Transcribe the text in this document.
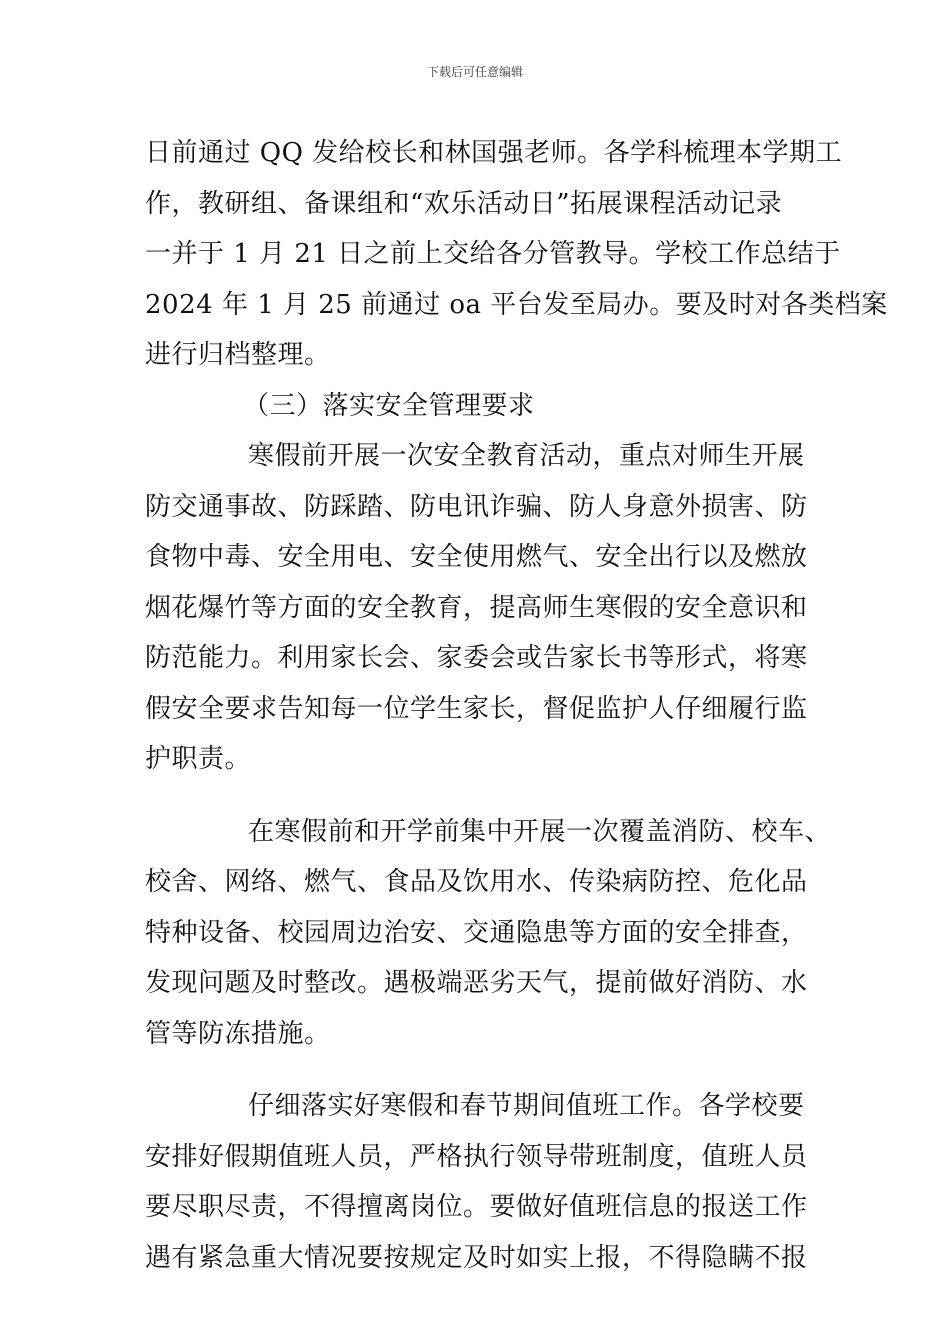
下载后可任意编辑
日前通过 QQ 发给校长和林国强老师。各学科梳理本学期工
作，教研组、备课组和“欢乐活动日”拓展课程活动记录
一并于 1 月 21 日之前上交给各分管教导。学校工作总结于
2024 年 1 月 25 前通过 oa 平台发至局办。要及时对各类档案
进行归档整理。
（三）落实安全管理要求
寒假前开展一次安全教育活动，重点对师生开展
防交通事故、防踩踏、防电讯诈骗、防人身意外损害、防
食物中毒、安全用电、安全使用燃气、安全出行以及燃放
烟花爆竹等方面的安全教育，提高师生寒假的安全意识和
防范能力。利用家长会、家委会或告家长书等形式，将寒
假安全要求告知每一位学生家长，督促监护人仔细履行监
护职责。
在寒假前和开学前集中开展一次覆盖消防、校车、
校舍、网络、燃气、食品及饮用水、传染病防控、危化品
特种设备、校园周边治安、交通隐患等方面的安全排查，
发现问题及时整改。遇极端恶劣天气，提前做好消防、水
管等防冻措施。
仔细落实好寒假和春节期间值班工作。各学校要
安排好假期值班人员，严格执行领导带班制度，值班人员
要尽职尽责，不得擅离岗位。要做好值班信息的报送工作
遇有紧急重大情况要按规定及时如实上报，不得隐瞒不报
